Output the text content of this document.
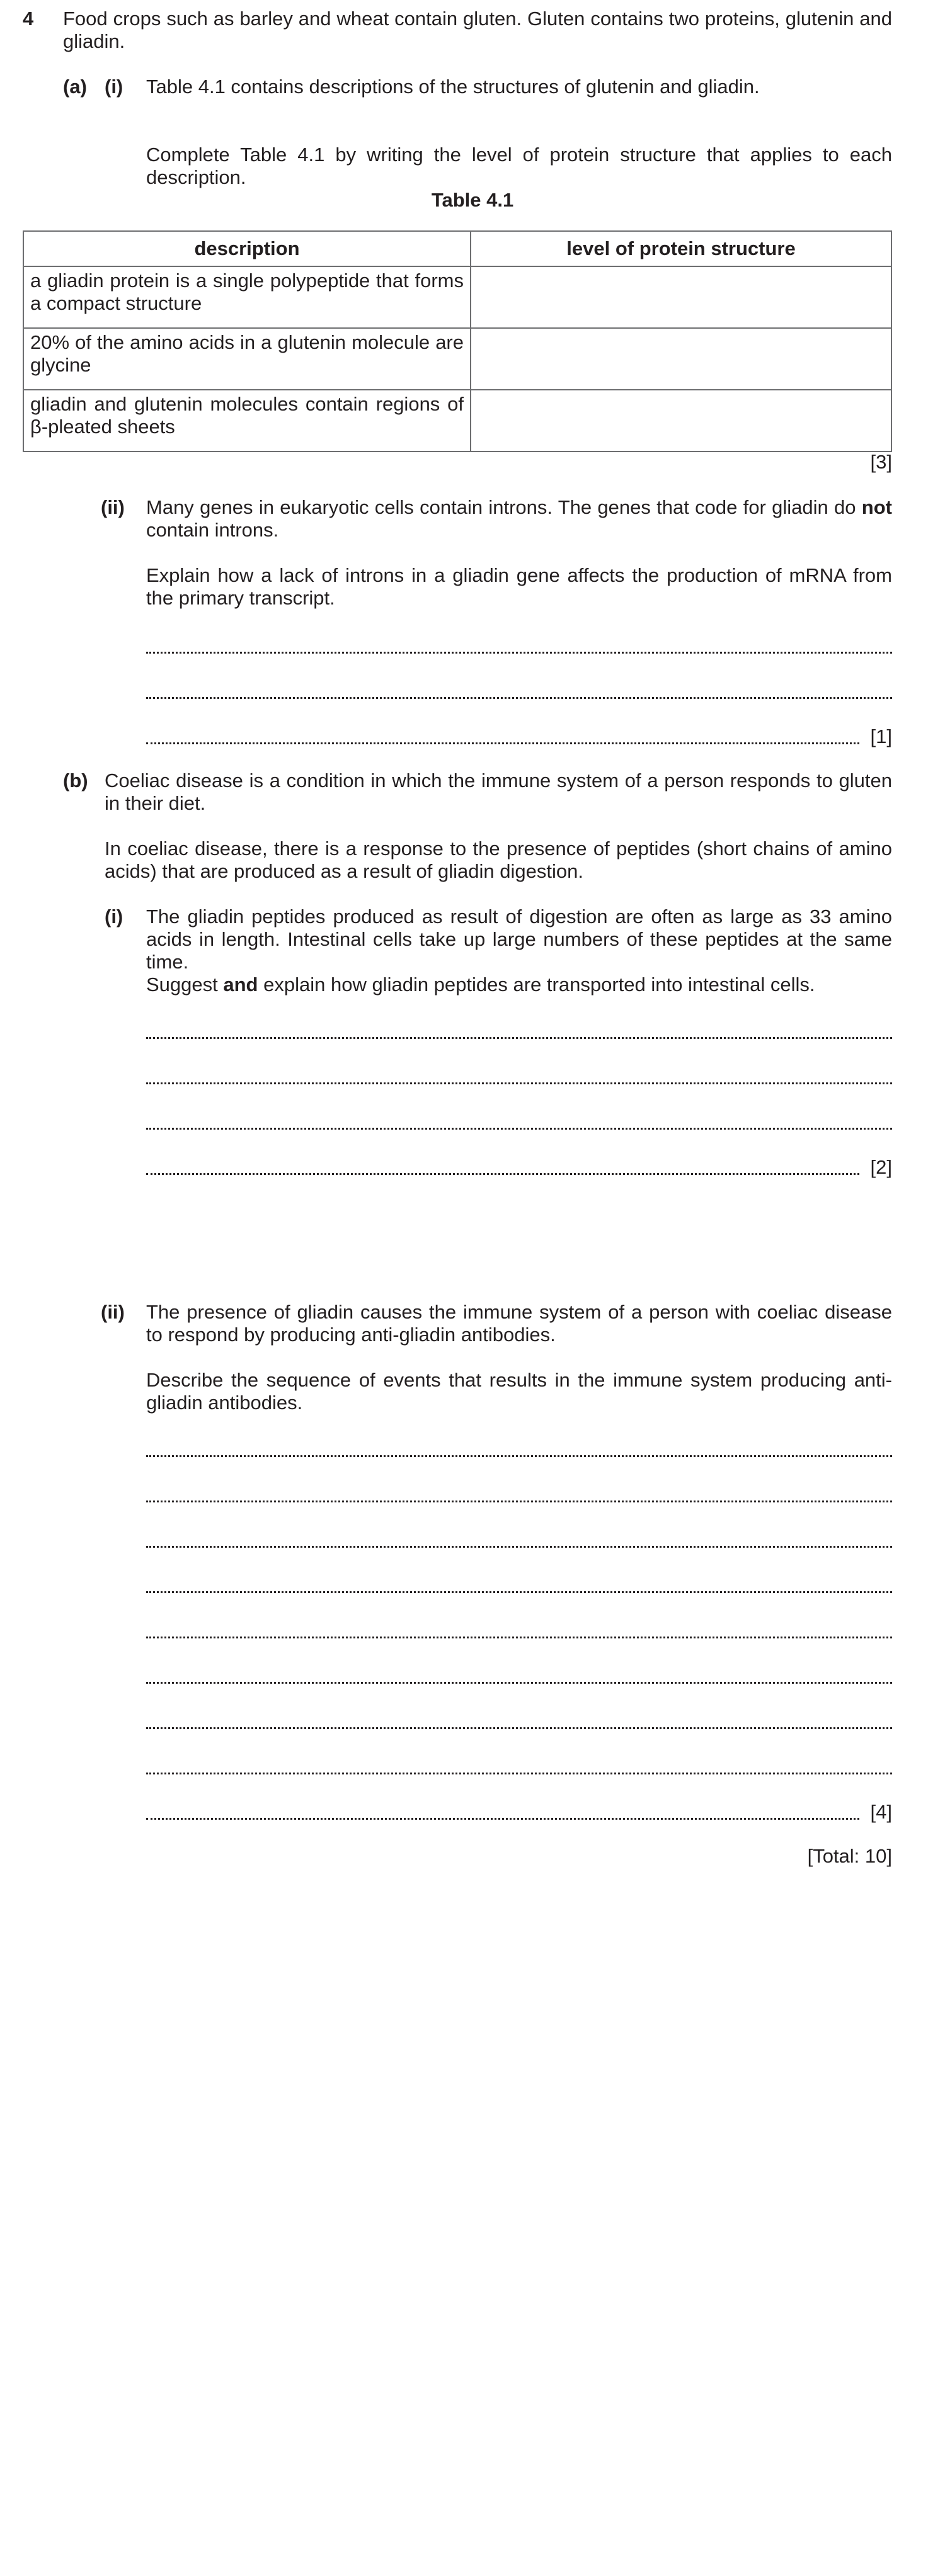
4 Food crops such as barley and wheat contain gluten. Gluten contains two proteins, glutenin and gliadin.
(a) (i) Table 4.1 contains descriptions of the structures of glutenin and gliadin.
Complete Table 4.1 by writing the level of protein structure that applies to each description.
Table 4.1
description	level of protein structure
a gliadin protein is a single polypeptide that forms a compact structure	
20% of the amino acids in a glutenin molecule are glycine	
gliadin and glutenin molecules contain regions of β-pleated sheets	
[3]
(ii) Many genes in eukaryotic cells contain introns. The genes that code for gliadin do not contain introns.
Explain how a lack of introns in a gliadin gene affects the production of mRNA from the primary transcript.
[1]
(b) Coeliac disease is a condition in which the immune system of a person responds to gluten in their diet.
In coeliac disease, there is a response to the presence of peptides (short chains of amino acids) that are produced as a result of gliadin digestion.
(i) The gliadin peptides produced as result of digestion are often as large as 33 amino acids in length. Intestinal cells take up large numbers of these peptides at the same time.
Suggest and explain how gliadin peptides are transported into intestinal cells.
[2]
(ii) The presence of gliadin causes the immune system of a person with coeliac disease to respond by producing anti-gliadin antibodies.
Describe the sequence of events that results in the immune system producing anti-gliadin antibodies.
[4]
[Total: 10]
